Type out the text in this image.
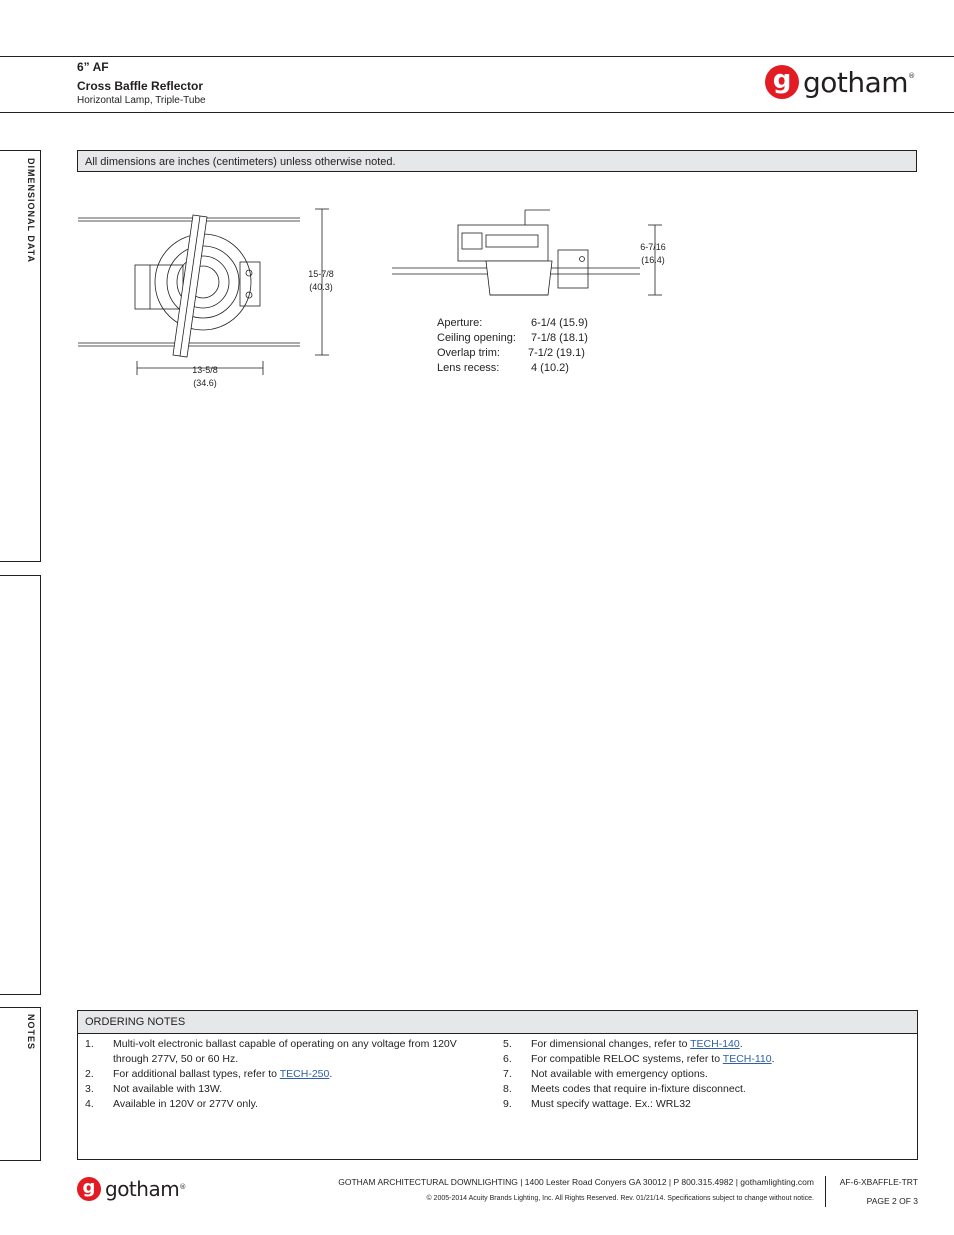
6” AF
Cross Baffle Reflector
Horizontal Lamp, Triple-Tube
g gotham®
DIMENSIONAL DATA
NOTES
All dimensions are inches (centimeters) unless otherwise noted.
15-7/8
(40.3)
13-5/8
(34.6)
6-7/16
(16.4)
Aperture:	6-1/4 (15.9)
Ceiling opening:	7-1/8 (18.1)
Overlap trim:	7-1/2 (19.1)
Lens recess:	4 (10.2)
ORDERING NOTES
1.	Multi-volt electronic ballast capable of operating on any voltage from 120V through 277V, 50 or 60 Hz.
2.	For additional ballast types, refer to TECH-250.
3.	Not available with 13W.
4.	Available in 120V or 277V only.
5.	For dimensional changes, refer to TECH-140.
6.	For compatible RELOC systems, refer to TECH-110.
7.	Not available with emergency options.
8.	Meets codes that require in-fixture disconnect.
9.	Must specify wattage. Ex.: WRL32
g gotham®	GOTHAM ARCHITECTURAL DOWNLIGHTING | 1400 Lester Road Conyers GA 30012 | P 800.315.4982 | gothamlighting.com
© 2005-2014 Acuity Brands Lighting, Inc. All Rights Reserved. Rev. 01/21/14. Specifications subject to change without notice.
AF-6-XBAFFLE-TRT
PAGE 2 OF 3
